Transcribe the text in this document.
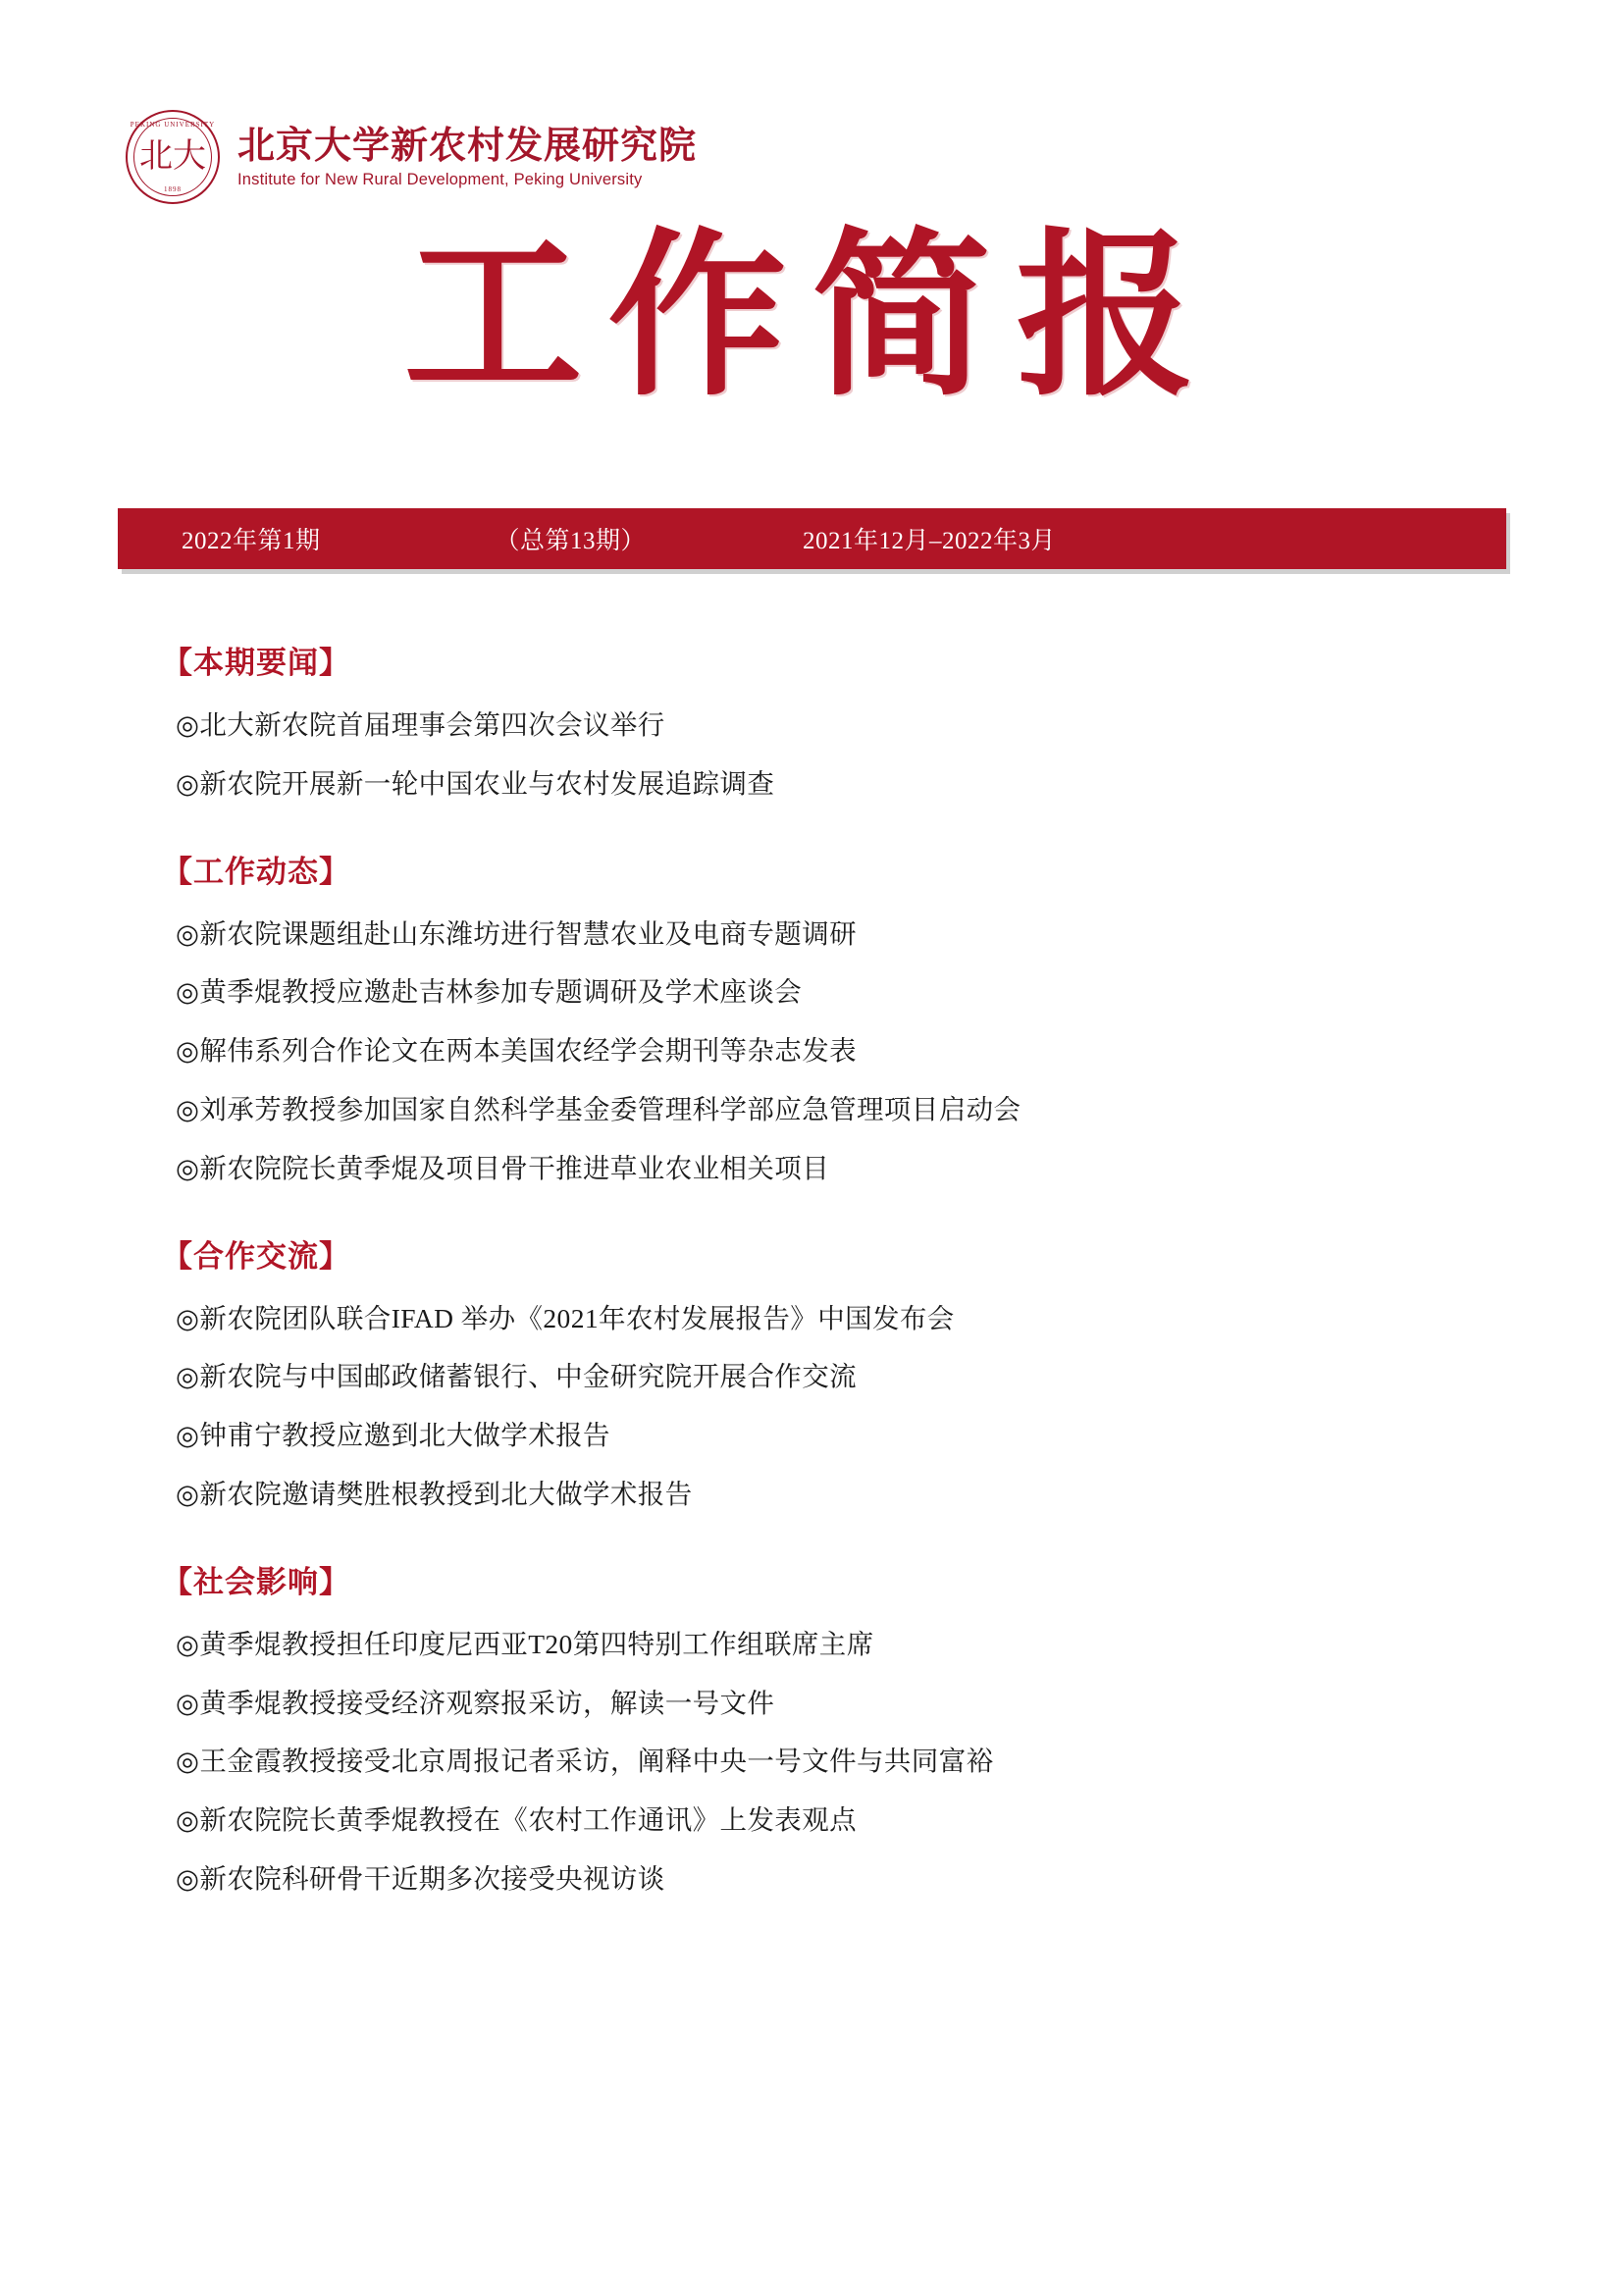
PEKING UNIVERSITY
北大
1898
北京大学新农村发展研究院
Institute for New Rural Development, Peking University
工作简报
2022年第1期	（总第13期）	2021年12月–2022年3月
【本期要闻】
◎北大新农院首届理事会第四次会议举行
◎新农院开展新一轮中国农业与农村发展追踪调查
【工作动态】
◎新农院课题组赴山东潍坊进行智慧农业及电商专题调研
◎黄季焜教授应邀赴吉林参加专题调研及学术座谈会
◎解伟系列合作论文在两本美国农经学会期刊等杂志发表
◎刘承芳教授参加国家自然科学基金委管理科学部应急管理项目启动会
◎新农院院长黄季焜及项目骨干推进草业农业相关项目
【合作交流】
◎新农院团队联合IFAD 举办《2021年农村发展报告》中国发布会
◎新农院与中国邮政储蓄银行、中金研究院开展合作交流
◎钟甫宁教授应邀到北大做学术报告
◎新农院邀请樊胜根教授到北大做学术报告
【社会影响】
◎黄季焜教授担任印度尼西亚T20第四特别工作组联席主席
◎黄季焜教授接受经济观察报采访，解读一号文件
◎王金霞教授接受北京周报记者采访，阐释中央一号文件与共同富裕
◎新农院院长黄季焜教授在《农村工作通讯》上发表观点
◎新农院科研骨干近期多次接受央视访谈
